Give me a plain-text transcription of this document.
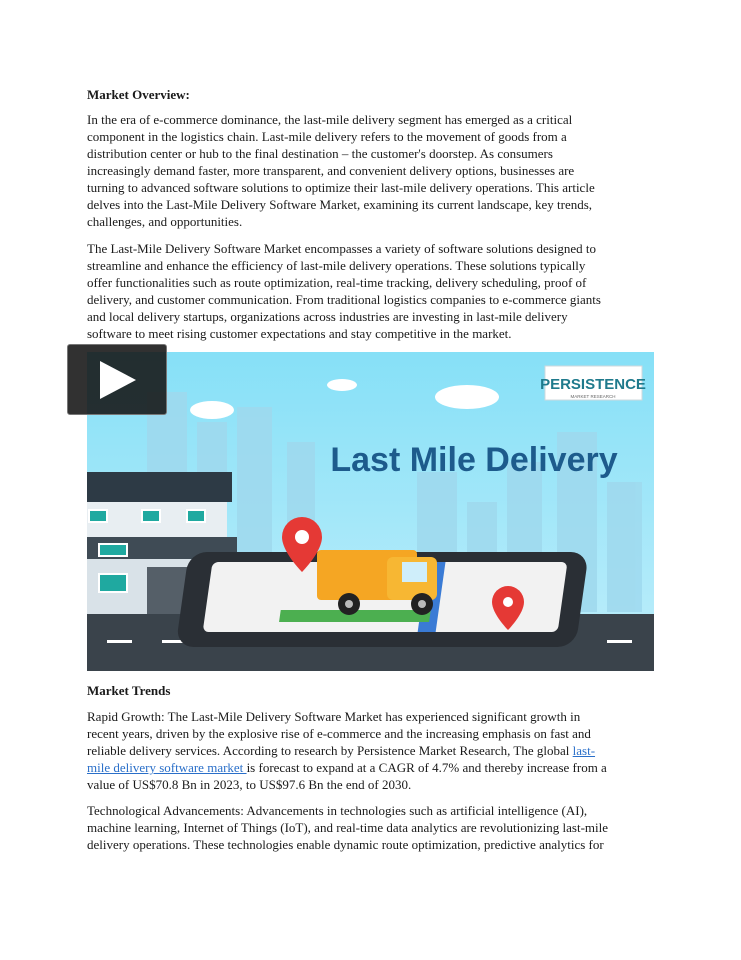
Market Overview:
In the era of e-commerce dominance, the last-mile delivery segment has emerged as a critical
component in the logistics chain. Last-mile delivery refers to the movement of goods from a
distribution center or hub to the final destination – the customer's doorstep. As consumers
increasingly demand faster, more transparent, and convenient delivery options, businesses are
turning to advanced software solutions to optimize their last-mile delivery operations. This article
delves into the Last-Mile Delivery Software Market, examining its current landscape, key trends,
challenges, and opportunities.
The Last-Mile Delivery Software Market encompasses a variety of software solutions designed to
streamline and enhance the efficiency of last-mile delivery operations. These solutions typically
offer functionalities such as route optimization, real-time tracking, delivery scheduling, proof of
delivery, and customer communication. From traditional logistics companies to e-commerce giants
and local delivery startups, organizations across industries are investing in last-mile delivery
software to meet rising customer expectations and stay competitive in the market.
PERSISTENCE
MARKET RESEARCH
Last Mile Delivery
Market Trends
Rapid Growth: The Last-Mile Delivery Software Market has experienced significant growth in
recent years, driven by the explosive rise of e-commerce and the increasing emphasis on fast and
reliable delivery services. According to research by Persistence Market Research, The global last-
mile delivery software market is forecast to expand at a CAGR of 4.7% and thereby increase from a
value of US$70.8 Bn in 2023, to US$97.6 Bn the end of 2030.
Technological Advancements: Advancements in technologies such as artificial intelligence (AI),
machine learning, Internet of Things (IoT), and real-time data analytics are revolutionizing last-mile
delivery operations. These technologies enable dynamic route optimization, predictive analytics for
